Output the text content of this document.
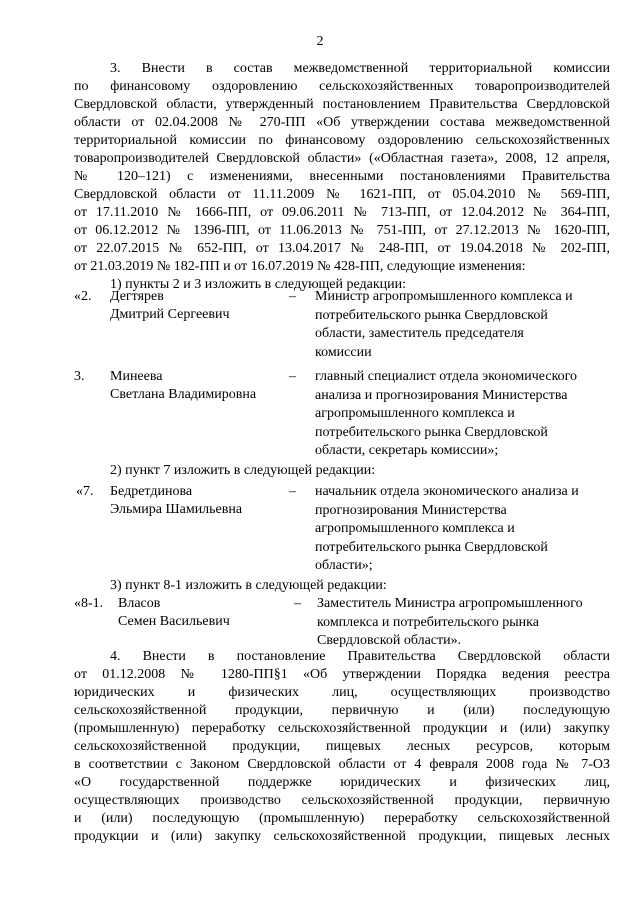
2
3. Внести в состав межведомственной территориальной комиссии
по финансовому оздоровлению сельскохозяйственных товаропроизводителей
Свердловской области, утвержденный постановлением Правительства Свердловской
области от 02.04.2008 № 270-ПП «Об утверждении состава межведомственной
территориальной комиссии по финансовому оздоровлению сельскохозяйственных
товаропроизводителей Свердловской области» («Областная газета», 2008, 12 апреля,
№ 120–121) с изменениями, внесенными постановлениями Правительства
Свердловской области от 11.11.2009 № 1621-ПП, от 05.04.2010 № 569-ПП,
от 17.11.2010 № 1666-ПП, от 09.06.2011 № 713-ПП, от 12.04.2012 № 364-ПП,
от 06.12.2012 № 1396-ПП, от 11.06.2013 № 751-ПП, от 27.12.2013 № 1620-ПП,
от 22.07.2015 № 652-ПП, от 13.04.2017 № 248-ПП, от 19.04.2018 № 202-ПП,
от 21.03.2019 № 182-ПП и от 16.07.2019 № 428-ПП, следующие изменения:
1) пункты 2 и 3 изложить в следующей редакции:
«2. Дегтярев
Дмитрий Сергеевич
– Министр агропромышленного комплекса и
потребительского рынка Свердловской
области, заместитель председателя
комиссии
3. Минеева
Светлана Владимировна
– главный специалист отдела экономического
анализа и прогнозирования Министерства
агропромышленного комплекса и
потребительского рынка Свердловской
области, секретарь комиссии»;
2) пункт 7 изложить в следующей редакции:
«7. Бедретдинова
Эльмира Шамильевна
– начальник отдела экономического анализа и
прогнозирования Министерства
агропромышленного комплекса и
потребительского рынка Свердловской
области»;
3) пункт 8-1 изложить в следующей редакции:
«8-1. Власов
Семен Васильевич
– Заместитель Министра агропромышленного
комплекса и потребительского рынка
Свердловской области».
4. Внести в постановление Правительства Свердловской области
от 01.12.2008 № 1280-ПП§1 «Об утверждении Порядка ведения реестра
юридических и физических лиц, осуществляющих производство
сельскохозяйственной продукции, первичную и (или) последующую
(промышленную) переработку сельскохозяйственной продукции и (или) закупку
сельскохозяйственной продукции, пищевых лесных ресурсов, которым
в соответствии с Законом Свердловской области от 4 февраля 2008 года № 7-ОЗ
«О государственной поддержке юридических и физических лиц,
осуществляющих производство сельскохозяйственной продукции, первичную
и (или) последующую (промышленную) переработку сельскохозяйственной
продукции и (или) закупку сельскохозяйственной продукции, пищевых лесных
